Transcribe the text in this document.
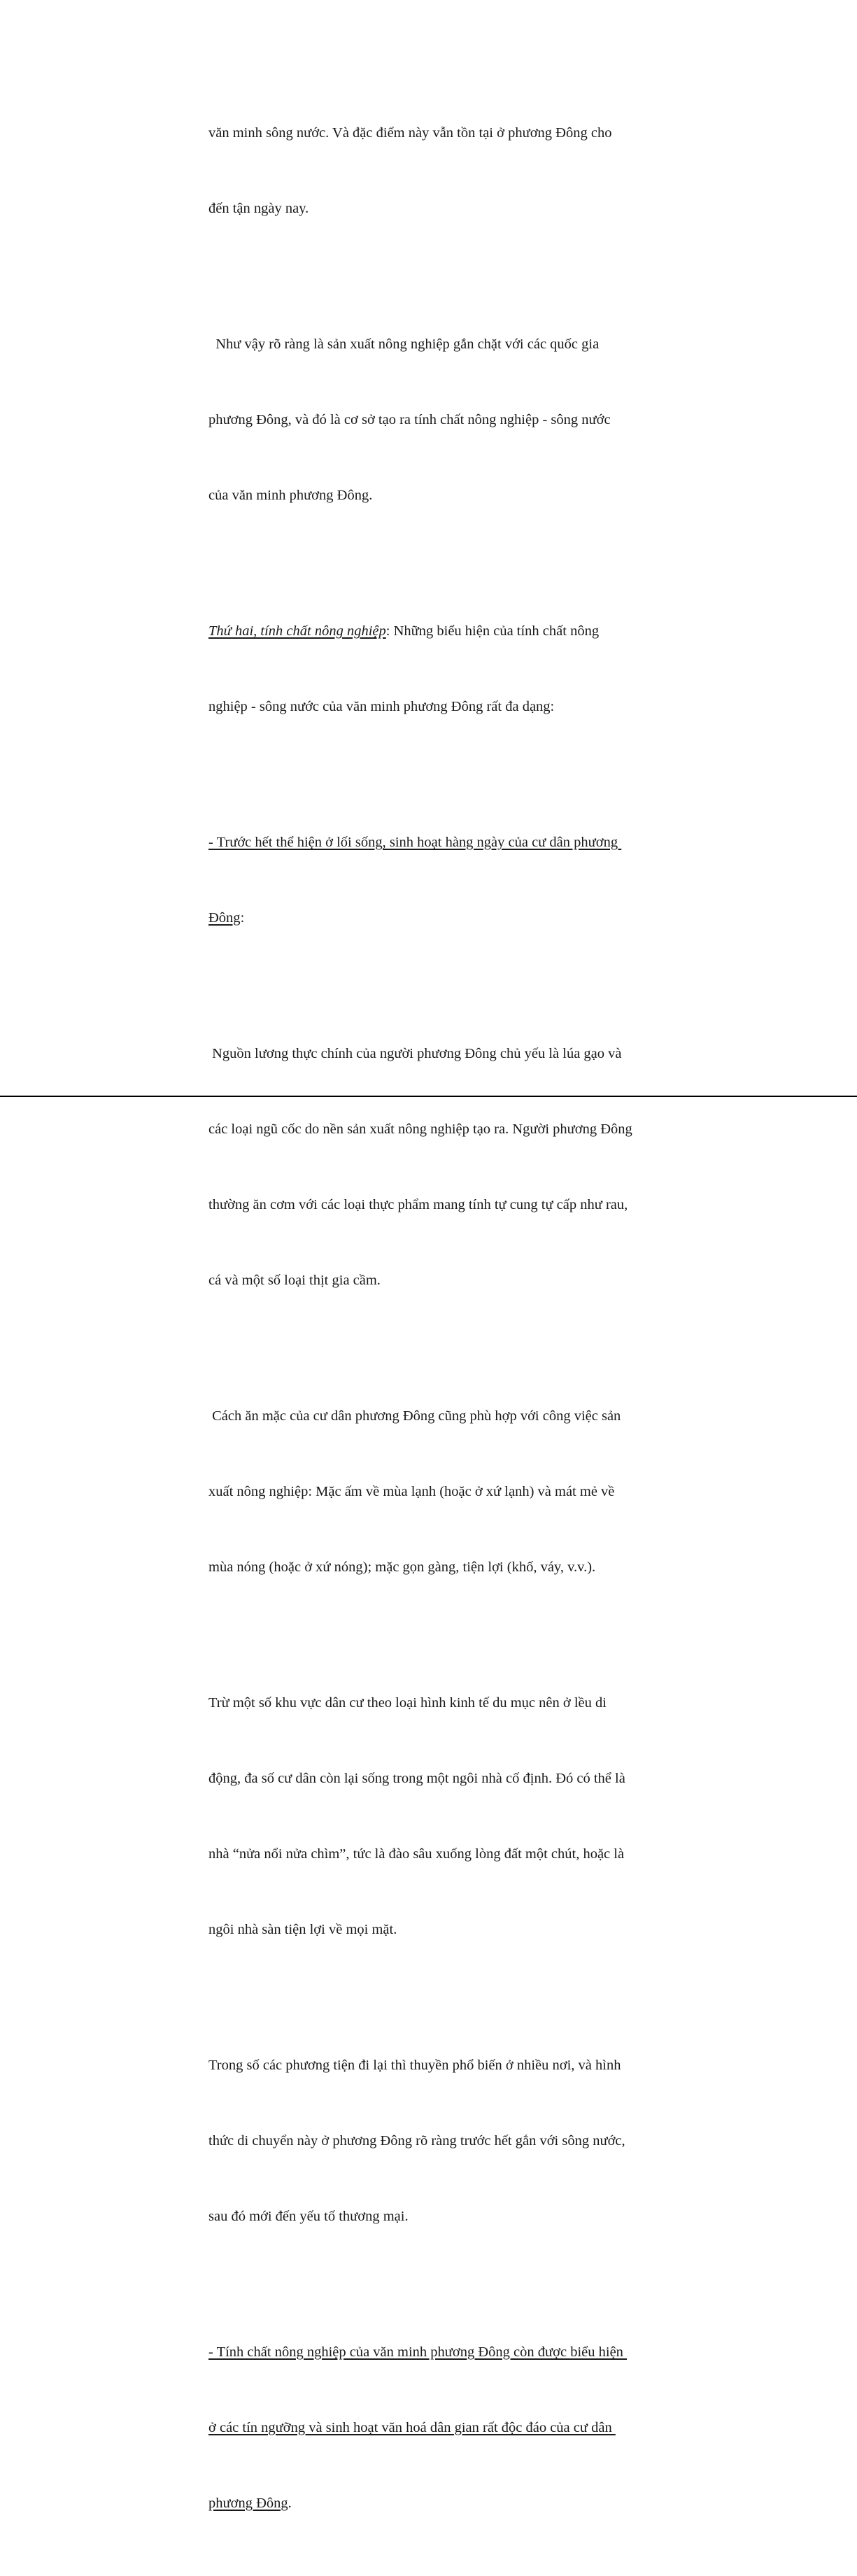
văn minh sông nước. Và đặc điểm này vẫn tồn tại ở phương Đông cho

đến tận ngày nay.

Như vậy rõ ràng là sản xuất nông nghiệp gắn chặt với các quốc gia

phương Đông, và đó là cơ sở tạo ra tính chất nông nghiệp - sông nước

của văn minh phương Đông.

Thứ hai, tính chất nông nghiệp: Những biểu hiện của tính chất nông

nghiệp - sông nước của văn minh phương Đông rất đa dạng:

- Trước hết thể hiện ở lối sống, sinh hoạt hàng ngày của cư dân phương

Đông:

Nguồn lương thực chính của người phương Đông chủ yếu là lúa gạo và

các loại ngũ cốc do nền sản xuất nông nghiệp tạo ra. Người phương Đông

thường ăn cơm với các loại thực phẩm mang tính tự cung tự cấp như rau,

cá và một số loại thịt gia cầm.

Cách ăn mặc của cư dân phương Đông cũng phù hợp với công việc sản

xuất nông nghiệp: Mặc ấm về mùa lạnh (hoặc ở xứ lạnh) và mát mẻ về

mùa nóng (hoặc ở xứ nóng); mặc gọn gàng, tiện lợi (khố, váy, v.v.).

Trừ một số khu vực dân cư theo loại hình kinh tế du mục nên ở lều di

động, đa số cư dân còn lại sống trong một ngôi nhà cố định. Đó có thể là

nhà “nửa nổi nửa chìm”, tức là đào sâu xuống lòng đất một chút, hoặc là

ngôi nhà sàn tiện lợi về mọi mặt.

Trong số các phương tiện đi lại thì thuyền phổ biến ở nhiều nơi, và hình

thức di chuyển này ở phương Đông rõ ràng trước hết gắn với sông nước,

sau đó mới đến yếu tố thương mại.

- Tính chất nông nghiệp của văn minh phương Đông còn được biểu hiện

ở các tín ngưỡng và sinh hoạt văn hoá dân gian rất độc đáo của cư dân

phương Đông.
